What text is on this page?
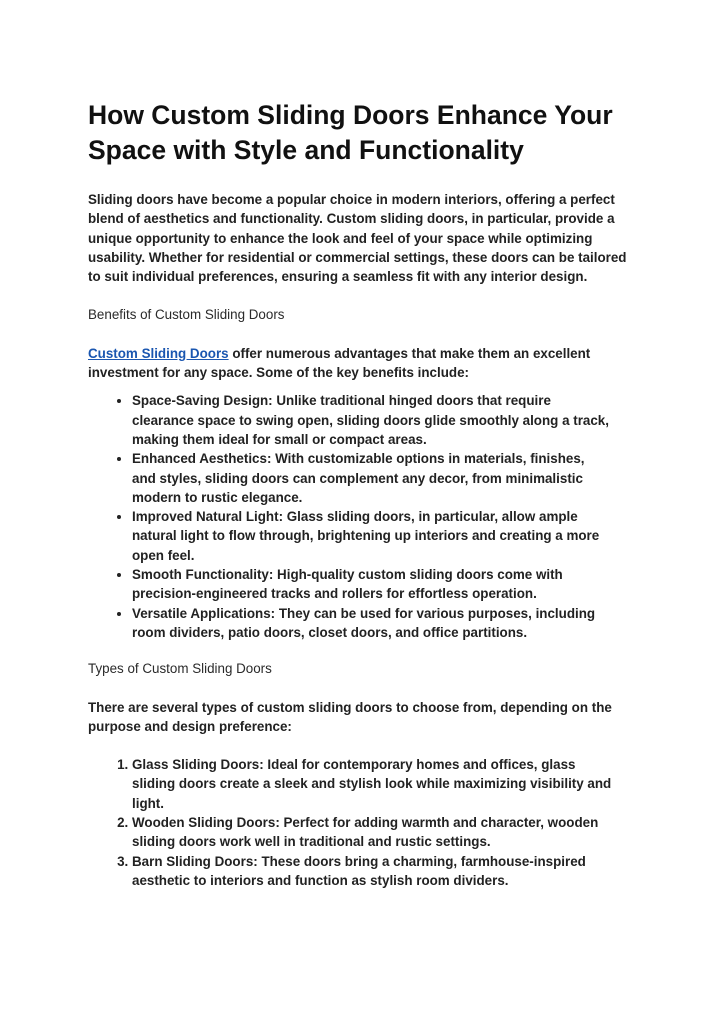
How Custom Sliding Doors Enhance Your Space with Style and Functionality

Sliding doors have become a popular choice in modern interiors, offering a perfect blend of aesthetics and functionality. Custom sliding doors, in particular, provide a unique opportunity to enhance the look and feel of your space while optimizing usability. Whether for residential or commercial settings, these doors can be tailored to suit individual preferences, ensuring a seamless fit with any interior design.

Benefits of Custom Sliding Doors

Custom Sliding Doors offer numerous advantages that make them an excellent investment for any space. Some of the key benefits include:

• Space-Saving Design: Unlike traditional hinged doors that require clearance space to swing open, sliding doors glide smoothly along a track, making them ideal for small or compact areas.
• Enhanced Aesthetics: With customizable options in materials, finishes, and styles, sliding doors can complement any decor, from minimalistic modern to rustic elegance.
• Improved Natural Light: Glass sliding doors, in particular, allow ample natural light to flow through, brightening up interiors and creating a more open feel.
• Smooth Functionality: High-quality custom sliding doors come with precision-engineered tracks and rollers for effortless operation.
• Versatile Applications: They can be used for various purposes, including room dividers, patio doors, closet doors, and office partitions.

Types of Custom Sliding Doors

There are several types of custom sliding doors to choose from, depending on the purpose and design preference:

1. Glass Sliding Doors: Ideal for contemporary homes and offices, glass sliding doors create a sleek and stylish look while maximizing visibility and light.
2. Wooden Sliding Doors: Perfect for adding warmth and character, wooden sliding doors work well in traditional and rustic settings.
3. Barn Sliding Doors: These doors bring a charming, farmhouse-inspired aesthetic to interiors and function as stylish room dividers.
